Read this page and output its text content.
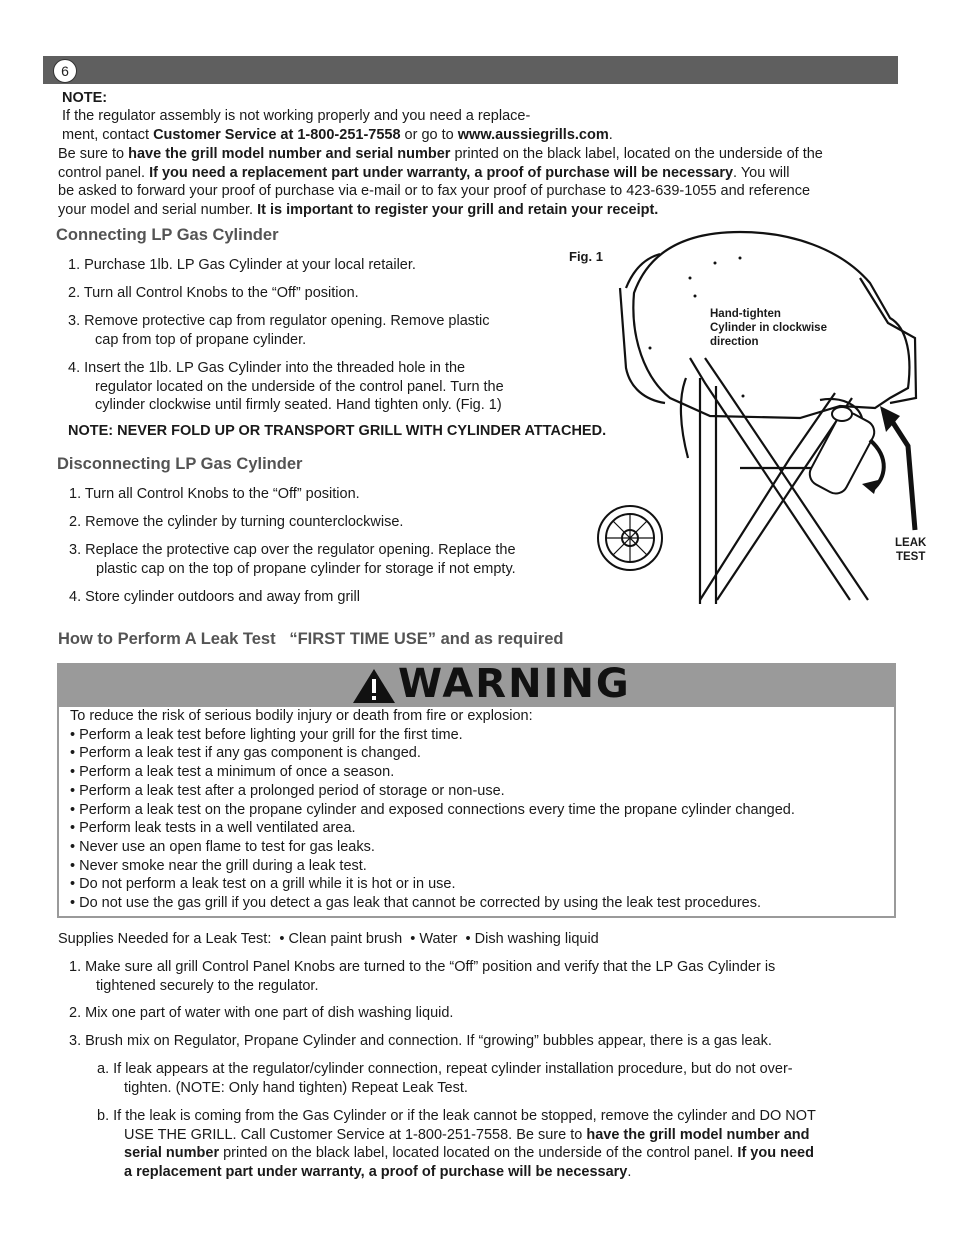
6
NOTE:
If the regulator assembly is not working properly and you need a replace-
ment, contact Customer Service at 1-800-251-7558 or go to www.aussiegrills.com.
Be sure to have the grill model number and serial number printed on the black label, located on the underside of the
control panel. If you need a replacement part under warranty, a proof of purchase will be necessary. You will
be asked to forward your proof of purchase via e-mail or to fax your proof of purchase to 423-639-1055 and reference
your model and serial number. It is important to register your grill and retain your receipt.
Connecting LP Gas Cylinder
1. Purchase 1lb. LP Gas Cylinder at your local retailer.
2. Turn all Control Knobs to the “Off” position.
3. Remove protective cap from regulator opening. Remove plastic
cap from top of propane cylinder.
4. Insert the 1lb. LP Gas Cylinder into the threaded hole in the
regulator located on the underside of the control panel. Turn the
cylinder clockwise until firmly seated. Hand tighten only. (Fig. 1)
NOTE: NEVER FOLD UP OR TRANSPORT GRILL WITH CYLINDER ATTACHED.
Disconnecting LP Gas Cylinder
1. Turn all Control Knobs to the “Off” position.
2. Remove the cylinder by turning counterclockwise.
3. Replace the protective cap over the regulator opening. Replace the
plastic cap on the top of propane cylinder for storage if not empty.
4. Store cylinder outdoors and away from grill
Fig. 1
Hand-tighten
Cylinder in clockwise
direction
LEAK
TEST
How to Perform A Leak Test   “FIRST TIME USE” and as required
WARNING
To reduce the risk of serious bodily injury or death from fire or explosion:
• Perform a leak test before lighting your grill for the first time.
• Perform a leak test if any gas component is changed.
• Perform a leak test a minimum of once a season.
• Perform a leak test after a prolonged period of storage or non-use.
• Perform a leak test on the propane cylinder and exposed connections every time the propane cylinder changed.
• Perform leak tests in a well ventilated area.
• Never use an open flame to test for gas leaks.
• Never smoke near the grill during a leak test.
• Do not perform a leak test on a grill while it is hot or in use.
• Do not use the gas grill if you detect a gas leak that cannot be corrected by using the leak test procedures.
Supplies Needed for a Leak Test:  • Clean paint brush  • Water  • Dish washing liquid
1. Make sure all grill Control Panel Knobs are turned to the “Off” position and verify that the LP Gas Cylinder is
tightened securely to the regulator.
2. Mix one part of water with one part of dish washing liquid.
3. Brush mix on Regulator, Propane Cylinder and connection. If “growing” bubbles appear, there is a gas leak.
a. If leak appears at the regulator/cylinder connection, repeat cylinder installation procedure, but do not over-
tighten. (NOTE: Only hand tighten) Repeat Leak Test.
b. If the leak is coming from the Gas Cylinder or if the leak cannot be stopped, remove the cylinder and DO NOT
USE THE GRILL. Call Customer Service at 1-800-251-7558. Be sure to have the grill model number and
serial number printed on the black label, located located on the underside of the control panel. If you need
a replacement part under warranty, a proof of purchase will be necessary.
